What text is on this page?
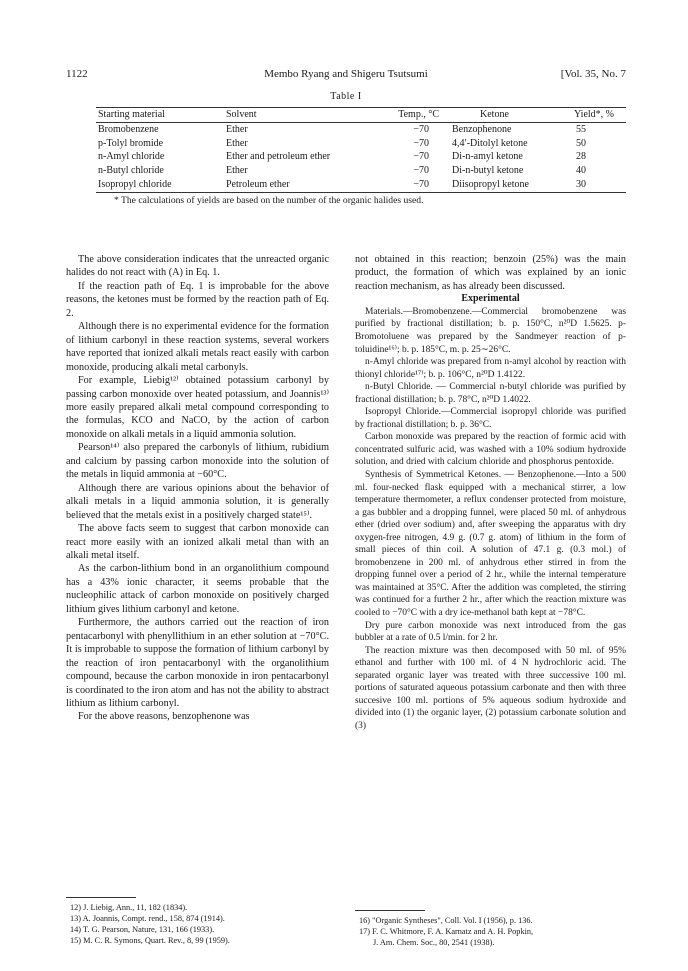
1122	Membo Ryang and Shigeru Tsutsumi	[Vol. 35, No. 7
Table I
Starting material	Solvent	Temp., °C	Ketone	Yield*, %
Bromobenzene	Ether	−70 Benzophenone	55
p-Tolyl bromide	Ether	−70 4,4′-Ditolyl ketone	50
n-Amyl chloride	Ether and petroleum ether	−70 Di-n-amyl ketone	28
n-Butyl chloride	Ether	−70 Di-n-butyl ketone	40
Isopropyl chloride	Petroleum ether	−70 Diisopropyl ketone	30
* The calculations of yields are based on the number of the organic halides used.

The above consideration indicates that the unreacted organic halides do not react with (A) in Eq. 1.

If the reaction path of Eq. 1 is improbable for the above reasons, the ketones must be formed by the reaction path of Eq. 2.

Although there is no experimental evidence for the formation of lithium carbonyl in these reaction systems, several workers have reported that ionized alkali metals react easily with carbon monoxide, producing alkali metal carbonyls.

For example, Liebig¹²⁾ obtained potassium carbonyl by passing carbon monoxide over heated potassium, and Joannis¹³⁾ more easily prepared alkali metal compound corresponding to the formulas, KCO and NaCO, by the action of carbon monoxide on alkali metals in a liquid ammonia solution.

Pearson¹⁴⁾ also prepared the carbonyls of lithium, rubidium and calcium by passing carbon monoxide into the solution of the metals in liquid ammonia at −60°C.

Although there are various opinions about the behavior of alkali metals in a liquid ammonia solution, it is generally believed that the metals exist in a positively charged state¹⁵⁾.

The above facts seem to suggest that carbon monoxide can react more easily with an ionized alkali metal than with an alkali metal itself.

As the carbon-lithium bond in an organolithium compound has a 43% ionic character, it seems probable that the nucleophilic attack of carbon monoxide on positively charged lithium gives lithium carbonyl and ketone.

Furthermore, the authors carried out the reaction of iron pentacarbonyl with phenyllithium in an ether solution at −70°C. It is improbable to suppose the formation of lithium carbonyl by the reaction of iron pentacarbonyl with the organolithium compound, because the carbon monoxide in iron pentacarbonyl is coordinated to the iron atom and has not the ability to abstract lithium as lithium carbonyl.

For the above reasons, benzophenone was

not obtained in this reaction; benzoin (25%) was the main product, the formation of which was explained by an ionic reaction mechanism, as has already been discussed.

Experimental

Materials.—Bromobenzene.—Commercial bromobenzene was purified by fractional distillation; b. p. 150°C, n²⁰D 1.5625. p-Bromotoluene was prepared by the Sandmeyer reaction of p-toluidine¹⁶⁾; b. p. 185°C, m. p. 25∼26°C.

n-Amyl chloride was prepared from n-amyl alcohol by reaction with thionyl chloride¹⁷⁾; b. p. 106°C, n²⁰D 1.4122.

n-Butyl Chloride. — Commercial n-butyl chloride was purified by fractional distillation; b. p. 78°C, n²⁰D 1.4022.

Isopropyl Chloride.—Commercial isopropyl chloride was purified by fractional distillation; b. p. 36°C.

Carbon monoxide was prepared by the reaction of formic acid with concentrated sulfuric acid, was washed with a 10% sodium hydroxide solution, and dried with calcium chloride and phosphorus pentoxide.

Synthesis of Symmetrical Ketones. — Benzophenone.—Into a 500 ml. four-necked flask equipped with a mechanical stirrer, a low temperature thermometer, a reflux condenser protected from moisture, a gas bubbler and a dropping funnel, were placed 50 ml. of anhydrous ether (dried over sodium) and, after sweeping the apparatus with dry oxygen-free nitrogen, 4.9 g. (0.7 g. atom) of lithium in the form of small pieces of thin coil. A solution of 47.1 g. (0.3 mol.) of bromobenzene in 200 ml. of anhydrous ether stirred in from the dropping funnel over a period of 2 hr., while the internal temperature was maintained at 35°C. After the addition was completed, the stirring was continued for a further 2 hr., after which the reaction mixture was cooled to −70°C with a dry ice-methanol bath kept at −78°C.

Dry pure carbon monoxide was next introduced from the gas bubbler at a rate of 0.5 l/min. for 2 hr.

The reaction mixture was then decomposed with 50 ml. of 95% ethanol and further with 100 ml. of 4 N hydrochloric acid. The separated organic layer was treated with three successive 100 ml. portions of saturated aqueous potassium carbonate and then with three succesive 100 ml. portions of 5% aqueous sodium hydroxide and divided into (1) the organic layer, (2) potassium carbonate solution and (3)

12) J. Liebig, Ann., 11, 182 (1834).
13) A. Joannis, Compt. rend., 158, 874 (1914).
14) T. G. Pearson, Nature, 131, 166 (1933).
15) M. C. R. Symons, Quart. Rev., 8, 99 (1959).
16) "Organic Syntheses", Coll. Vol. I (1956), p. 136.
17) F. C. Whitmore, F. A. Karnatz and A. H. Popkin,
J. Am. Chem. Soc., 80, 2541 (1938).
